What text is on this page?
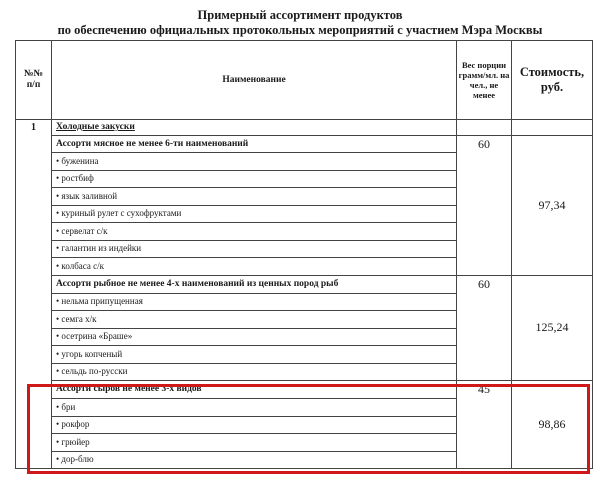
Примерный ассортимент продуктов
по обеспечению официальных протокольных мероприятий с участием Мэра Москвы
№№ п/п	Наименование	Вес порции грамм/мл. на чел., не менее	Стоимость, руб.
1	Холодные закуски		
	Ассорти мясное не менее 6-ти наименований	60	97,34
	• буженина		
	• ростбиф		
	• язык заливной		
	• куриный рулет с сухофруктами		
	• сервелат с/к		
	• галантин из индейки		
	• колбаса с/к		
	Ассорти рыбное не менее 4-х наименований из ценных пород рыб	60	125,24
	• нельма припущенная		
	• семга х/к		
	• осетрина «Браше»		
	• угорь копченый		
	• сельдь по-русски		
	Ассорти сыров не менее 3-х видов	45	98,86
	• бри		
	• рокфор		
	• грюйер		
	• дор-блю		
